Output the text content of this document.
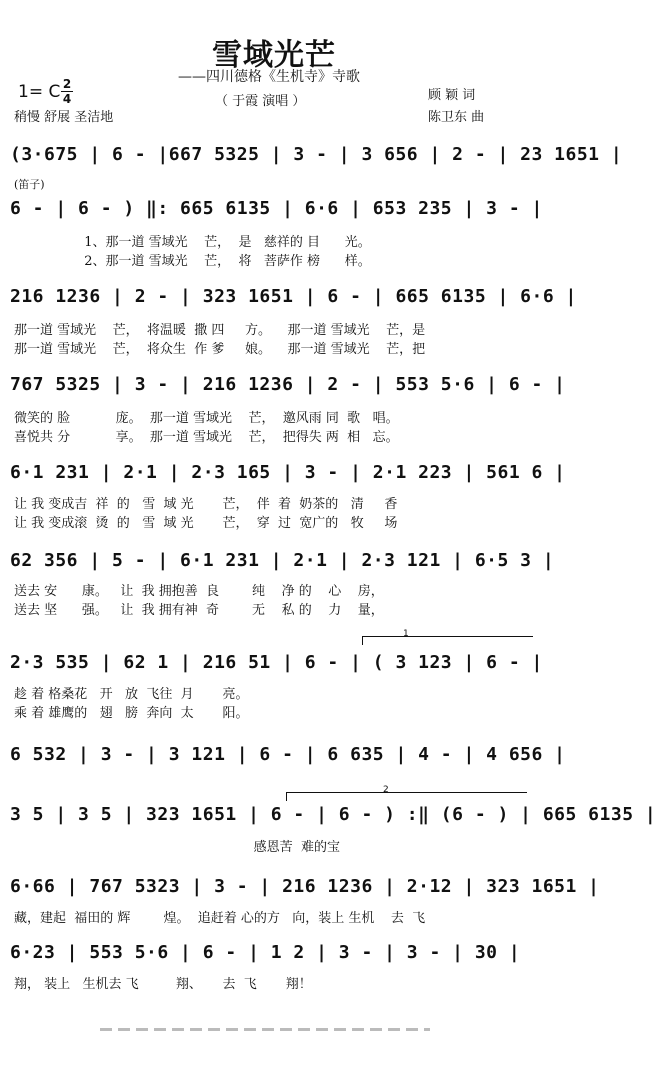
雪域光芒
——四川德格《生机寺》寺歌
（ 于霞 演唱 ）
1= C 2
4
稍慢 舒展 圣洁地
顾 颖 词
陈卫东 曲
(笛子)
1
2
(3·675 | 6 - |667 5325 | 3 - | 3 656 | 2 - | 23 1651 |
6 - | 6 - ) ‖: 665 6135 | 6·6 | 653 235 | 3 - |
1、那一道 雪域光    芒，  是   慈祥的 目      光。
2、那一道 雪域光    芒，  将   菩萨作 榜      样。
216 1236 | 2 - | 323 1651 | 6 - | 665 6135 | 6·6 |
那一道 雪域光    芒，  将温暖  撒 四     方。    那一道 雪域光    芒，是
那一道 雪域光    芒，  将众生  作 爹     娘。    那一道 雪域光    芒，把
767 5325 | 3 - | 216 1236 | 2 - | 553 5·6 | 6 - |
微笑的 脸           庞。  那一道 雪域光    芒，  邀风雨 同  歌   唱。
喜悦共 分           享。  那一道 雪域光    芒，  把得失 两  相   忘。
6·1 231 | 2·1 | 2·3 165 | 3 - | 2·1 223 | 561 6 |
让 我 变成吉  祥  的   雪  域 光       芒，  伴  着  奶茶的   清     香
让 我 变成滚  烫  的   雪  域 光       芒，  穿  过  宽广的   牧     场
62 356 | 5 - | 6·1 231 | 2·1 | 2·3 121 | 6·5 3 |
送去 安      康。   让  我 拥抱善  良        纯    净 的    心    房，
送去 坚      强。   让  我 拥有神  奇        无    私 的    力    量，
2·3 535 | 62 1 | 216 51 | 6 - | ( 3 123 | 6 - |
趁 着 格桑花   开   放  飞往  月       亮。
乘 着 雄鹰的   翅   膀  奔向  太       阳。
6 532 | 3 - | 3 121 | 6 - | 6 635 | 4 - | 4 656 |
3 5 | 3 5 | 323 1651 | 6 - | 6 - ) :‖ (6 - ) | 665 6135 |
感恩苦  难的宝
6·66 | 767 5323 | 3 - | 216 1236 | 2·12 | 323 1651 |
藏，建起  福田的 辉        煌。  追赶着 心的方   向，装上 生机    去  飞
6·23 | 553 5·6 | 6 - | 1 2 | 3 - | 3 - | 30 |
翔， 装上   生机去 飞         翔、     去  飞       翔！
